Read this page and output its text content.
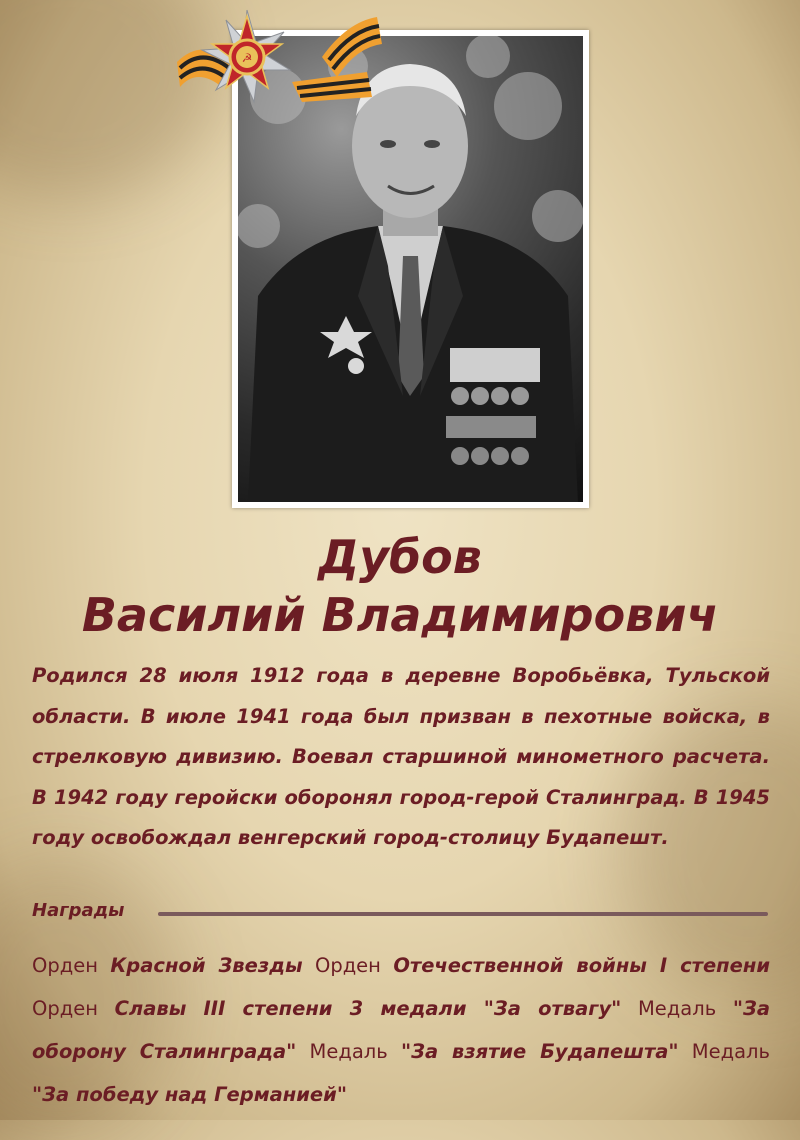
☭
Дубов
Василий Владимирович

Родился 28 июля 1912 года в деревне Воробьёвка, Тульской области. В июле 1941 года был призван в пехотные войска, в стрелковую дивизию. Воевал старшиной минометного расчета. В 1942 году геройски оборонял город-герой Сталинград. В 1945 году освобождал венгерский город-столицу Будапешт.

Награды

Орден Красной Звезды Орден Отечественной войны I степени Орден Славы III степени 3 медали "За отвагу" Медаль "За оборону Сталинграда" Медаль "За взятие Будапешта" Медаль "За победу над Германией"
